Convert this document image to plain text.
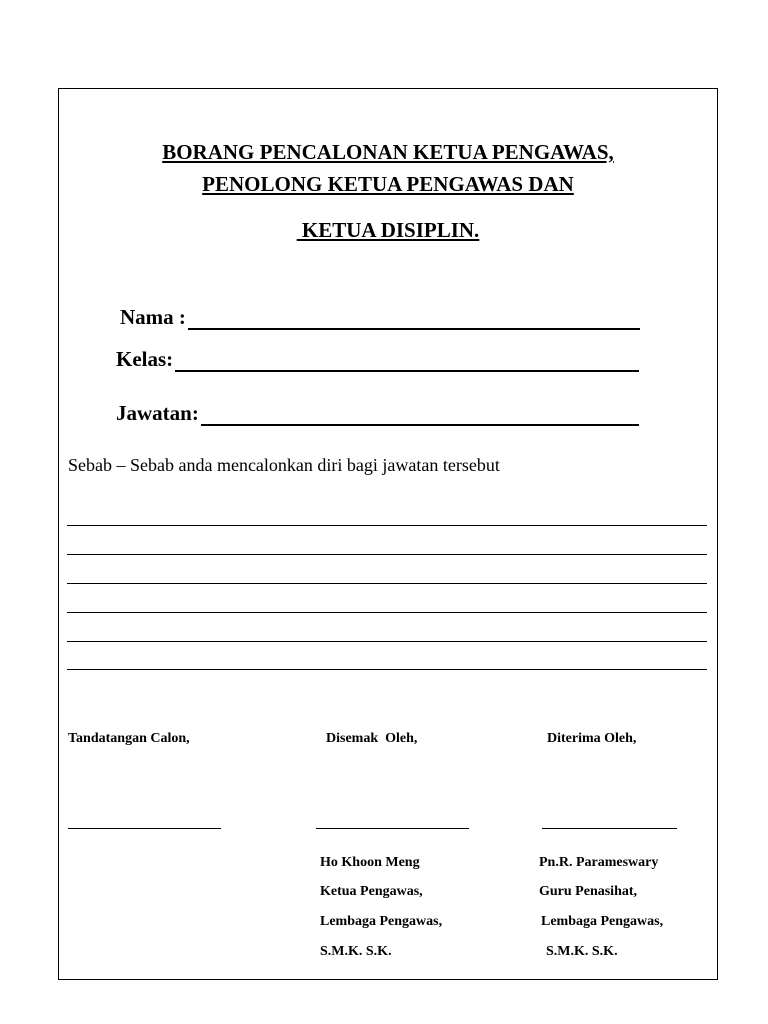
BORANG PENCALONAN KETUA PENGAWAS,
PENOLONG KETUA PENGAWAS DAN
KETUA DISIPLIN.
Nama :
Kelas:
Jawatan:
Sebab – Sebab anda mencalonkan diri bagi jawatan tersebut
Tandatangan Calon,	Disemak  Oleh,	Diterima Oleh,
Ho Khoon Meng
Ketua Pengawas,
Lembaga Pengawas,
S.M.K. S.K.
Pn.R. Parameswary
Guru Penasihat,
Lembaga Pengawas,
S.M.K. S.K.
